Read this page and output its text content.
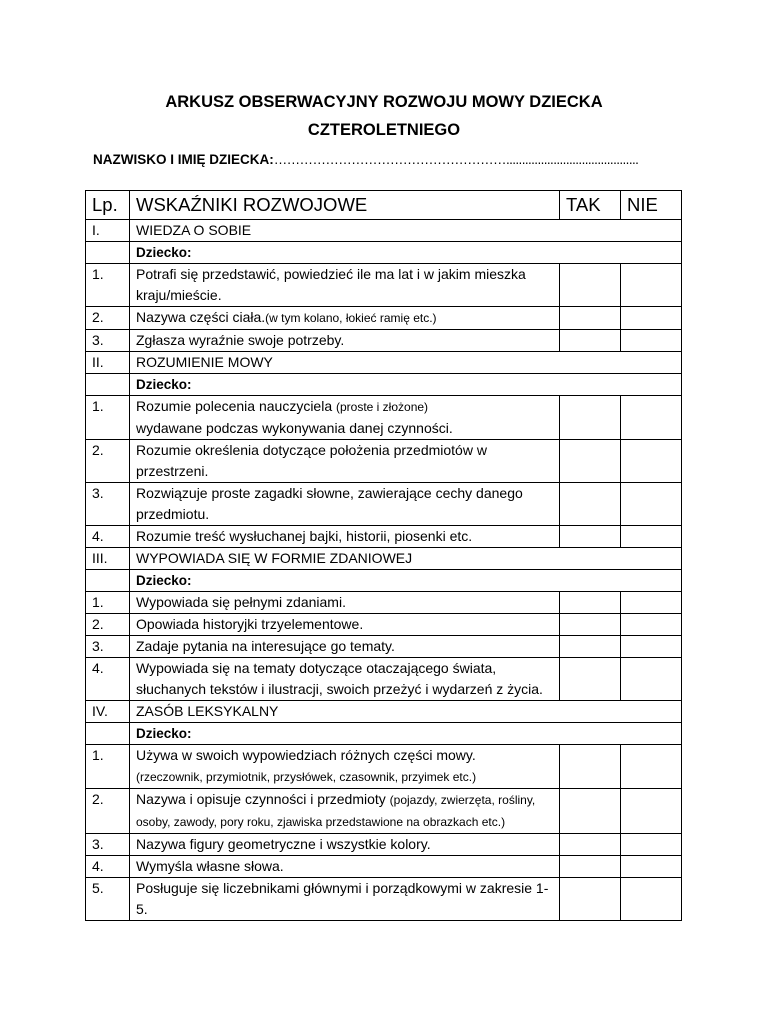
ARKUSZ OBSERWACYJNY ROZWOJU MOWY DZIECKA
CZTEROLETNIEGO
NAZWISKO I IMIĘ DZIECKA:………………………………………………..........................................
Lp.	WSKAŹNIKI ROZWOJOWE	TAK	NIE
I.	WIEDZA O SOBIE		
	Dziecko:		
1.	Potrafi się przedstawić, powiedzieć ile ma lat i w jakim mieszka kraju/mieście.		
2.	Nazywa części ciała.(w tym kolano, łokieć ramię etc.)		
3.	Zgłasza wyraźnie swoje potrzeby.		
II.	ROZUMIENIE MOWY		
	Dziecko:		
1.	Rozumie polecenia nauczyciela (proste i złożone)
wydawane podczas wykonywania danej czynności.		
2.	Rozumie określenia dotyczące położenia przedmiotów w przestrzeni.		
3.	Rozwiązuje proste zagadki słowne, zawierające cechy danego przedmiotu.		
4.	Rozumie treść wysłuchanej bajki, historii, piosenki etc.		
III.	WYPOWIADA SIĘ W FORMIE ZDANIOWEJ		
	Dziecko:		
1.	Wypowiada się pełnymi zdaniami.		
2.	Opowiada historyjki trzyelementowe.		
3.	Zadaje pytania na interesujące go tematy.		
4.	Wypowiada się na tematy dotyczące otaczającego świata, słuchanych tekstów i ilustracji, swoich przeżyć i wydarzeń z życia.		
IV.	ZASÓB LEKSYKALNY		
	Dziecko:		
1.	Używa w swoich wypowiedziach różnych części mowy.
(rzeczownik, przymiotnik, przysłówek, czasownik, przyimek etc.)		
2.	Nazywa i opisuje czynności i przedmioty (pojazdy, zwierzęta, rośliny, osoby, zawody, pory roku, zjawiska przedstawione na obrazkach etc.)		
3.	Nazywa figury geometryczne i wszystkie kolory.		
4.	Wymyśla własne słowa.		
5.	Posługuje się liczebnikami głównymi i porządkowymi w zakresie 1-5.		
